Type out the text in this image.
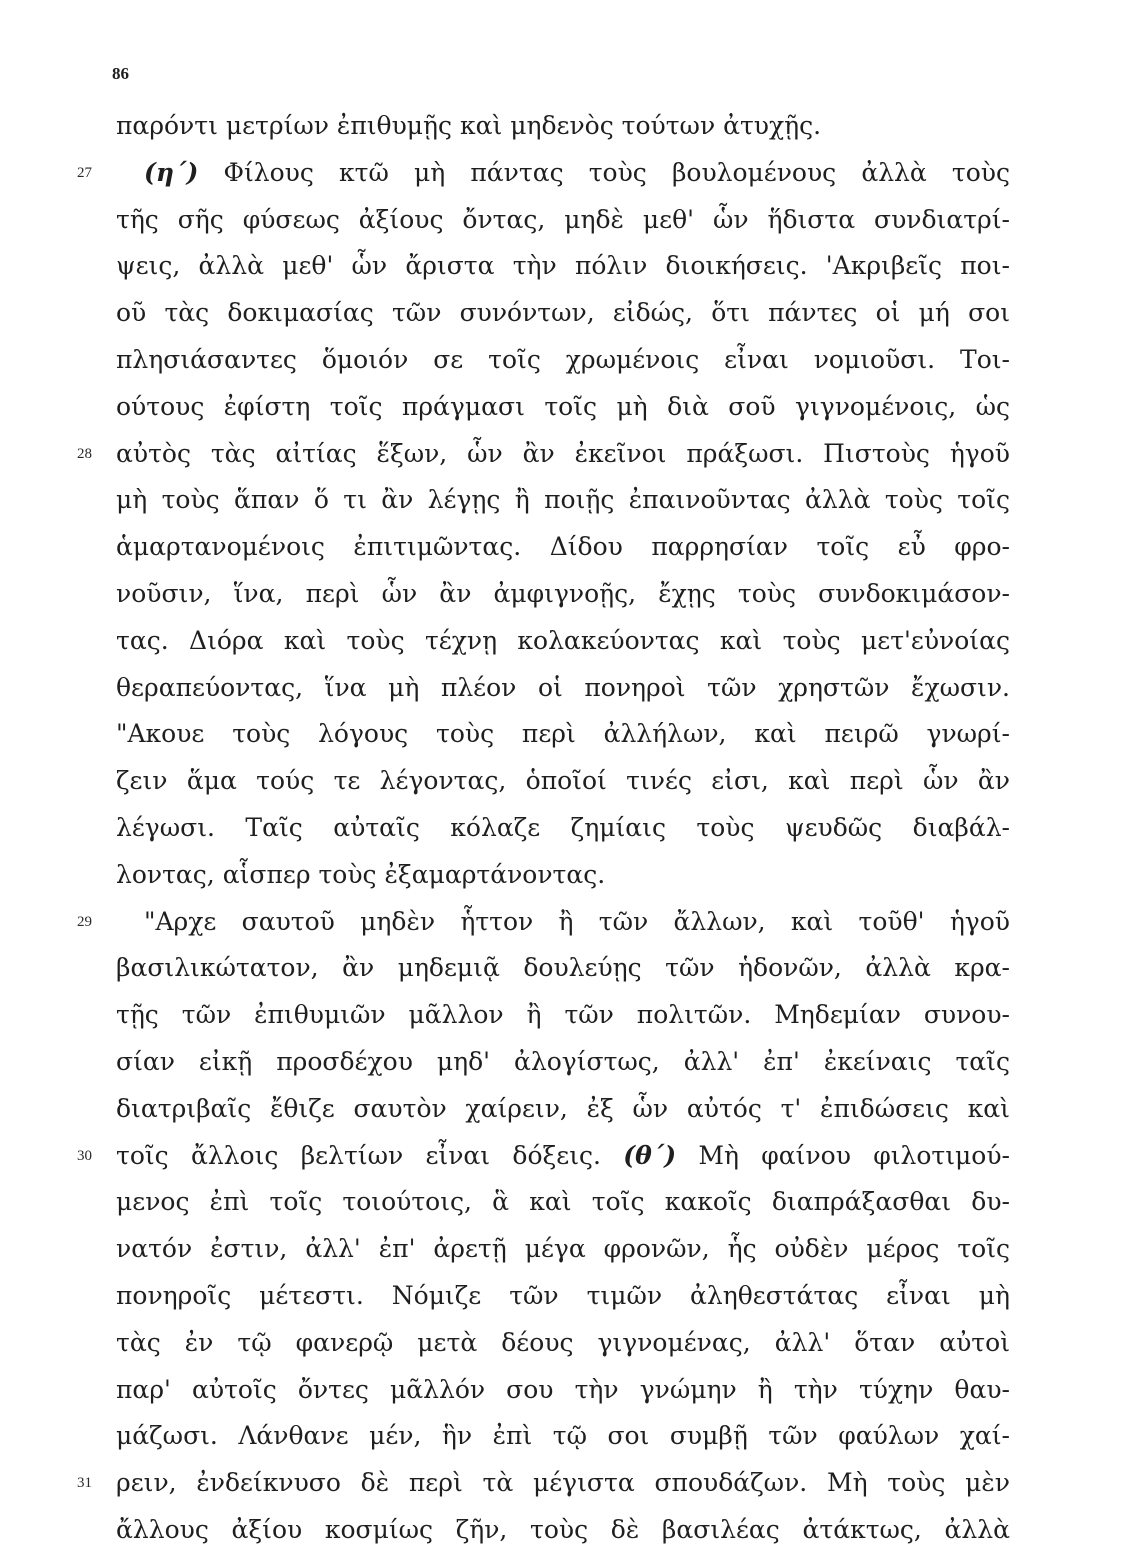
86
παρόντι μετρίων ἐπιθυμῇς καὶ μηδενὸς τούτων ἀτυχῇς.
27 (η΄) Φίλους κτῶ μὴ πάντας τοὺς βουλομένους ἀλλὰ τοὺς
τῆς σῆς φύσεως ἀξίους ὄντας, μηδὲ μεθ' ὧν ἥδιστα συνδιατρί-
ψεις, ἀλλὰ μεθ' ὧν ἄριστα τὴν πόλιν διοικήσεις. 'Ακριβεῖς ποι-
οῦ τὰς δοκιμασίας τῶν συνόντων, εἰδώς, ὅτι πάντες οἱ μή σοι
πλησιάσαντες ὅμοιόν σε τοῖς χρωμένοις εἶναι νομιοῦσι. Τοι-
ούτους ἐφίστη τοῖς πράγμασι τοῖς μὴ διὰ σοῦ γιγνομένοις, ὡς
28 αὐτὸς τὰς αἰτίας ἕξων, ὧν ἂν ἐκεῖνοι πράξωσι. Πιστοὺς ἡγοῦ
μὴ τοὺς ἅπαν ὅ τι ἂν λέγῃς ἢ ποιῇς ἐπαινοῦντας ἀλλὰ τοὺς τοῖς
ἁμαρτανομένοις ἐπιτιμῶντας. Δίδου παρρησίαν τοῖς εὖ φρο-
νοῦσιν, ἵνα, περὶ ὧν ἂν ἀμφιγνοῇς, ἔχῃς τοὺς συνδοκιμάσον-
τας. Διόρα καὶ τοὺς τέχνῃ κολακεύοντας καὶ τοὺς μετ'εὐνοίας
θεραπεύοντας, ἵνα μὴ πλέον οἱ πονηροὶ τῶν χρηστῶν ἔχωσιν.
"Ακουε τοὺς λόγους τοὺς περὶ ἀλλήλων, καὶ πειρῶ γνωρί-
ζειν ἅμα τούς τε λέγοντας, ὁποῖοί τινές εἰσι, καὶ περὶ ὧν ἂν
λέγωσι. Ταῖς αὐταῖς κόλαζε ζημίαις τοὺς ψευδῶς διαβάλ-
λοντας, αἷσπερ τοὺς ἐξαμαρτάνοντας.
29 "Αρχε σαυτοῦ μηδὲν ἧττον ἢ τῶν ἄλλων, καὶ τοῦθ' ἡγοῦ
βασιλικώτατον, ἂν μηδεμιᾷ δουλεύῃς τῶν ἡδονῶν, ἀλλὰ κρα-
τῇς τῶν ἐπιθυμιῶν μᾶλλον ἢ τῶν πολιτῶν. Μηδεμίαν συνου-
σίαν εἰκῇ προσδέχου μηδ' ἀλογίστως, ἀλλ' ἐπ' ἐκείναις ταῖς
διατριβαῖς ἔθιζε σαυτὸν χαίρειν, ἐξ ὧν αὐτός τ' ἐπιδώσεις καὶ
30 τοῖς ἄλλοις βελτίων εἶναι δόξεις. (θ΄) Μὴ φαίνου φιλοτιμού-
μενος ἐπὶ τοῖς τοιούτοις, ἃ καὶ τοῖς κακοῖς διαπράξασθαι δυ-
νατόν ἐστιν, ἀλλ' ἐπ' ἀρετῇ μέγα φρονῶν, ἧς οὐδὲν μέρος τοῖς
πονηροῖς μέτεστι. Νόμιζε τῶν τιμῶν ἀληθεστάτας εἶναι μὴ
τὰς ἐν τῷ φανερῷ μετὰ δέους γιγνομένας, ἀλλ' ὅταν αὐτοὶ
παρ' αὐτοῖς ὄντες μᾶλλόν σου τὴν γνώμην ἢ τὴν τύχην θαυ-
μάζωσι. Λάνθανε μέν, ἣν ἐπὶ τῷ σοι συμβῇ τῶν φαύλων χαί-
31 ρειν, ἐνδείκνυσο δὲ περὶ τὰ μέγιστα σπουδάζων. Μὴ τοὺς μὲν
ἄλλους ἀξίου κοσμίως ζῆν, τοὺς δὲ βασιλέας ἀτάκτως, ἀλλὰ
